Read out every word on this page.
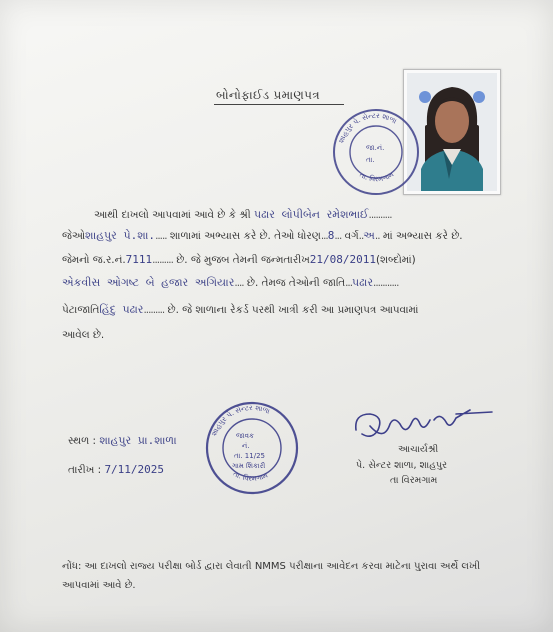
બોનોફાઈડ પ્રમાણપત્ર
શાહપુર પે. સેન્ટર શાળા
તા. વિરમગામ
જા.નં.
તા.
આથી દાખલો આપવામાં આવે છે કે શ્રી પઢાર લોપીબેન રમેશભાઈ..........
જેઓશાહપુર પે.શા...... શાળામાં અભ્યાસ કરે છે. તેઓ ધોરણ...8... વર્ગ..અ.. માં અભ્યાસ કરે છે.
જેમનો જ.ર.નં.7111......... છે. જે મુજબ તેમની જન્મતારીખ21/08/2011(શબ્દોમાં)
એકવીસ ઓગષ્ટ બે હજાર અગિયાર.... છે. તેમજ તેઓની જાતિ...પઢાર...........
પેટાજાતિહિંદુ પઢાર......... છે. જે શાળાના રેકર્ડ પરથી ખાત્રી કરી આ પ્રમાણપત્ર આપવામાં
આવેલ છે.
સ્થળ : શાહપુર પ્રા.શાળા
તારીખ : 7/11/2025
શાહપુર પે. સેન્ટર શાળા
તા. વિરમગામ
જાવક
નં.
તા. 11/25
ગામ શિકારી
આચાર્યશ્રી
પે. સેન્ટર શાળા, શાહપુર
તા વિરમગામ
નોંધ: આ દાખલો રાજ્ય પરીક્ષા બોર્ડ દ્વારા લેવાતી NMMS પરીક્ષાના આવેદન કરવા માટેના પુરાવા અર્થે લખી
આપવામાં આવે છે.
